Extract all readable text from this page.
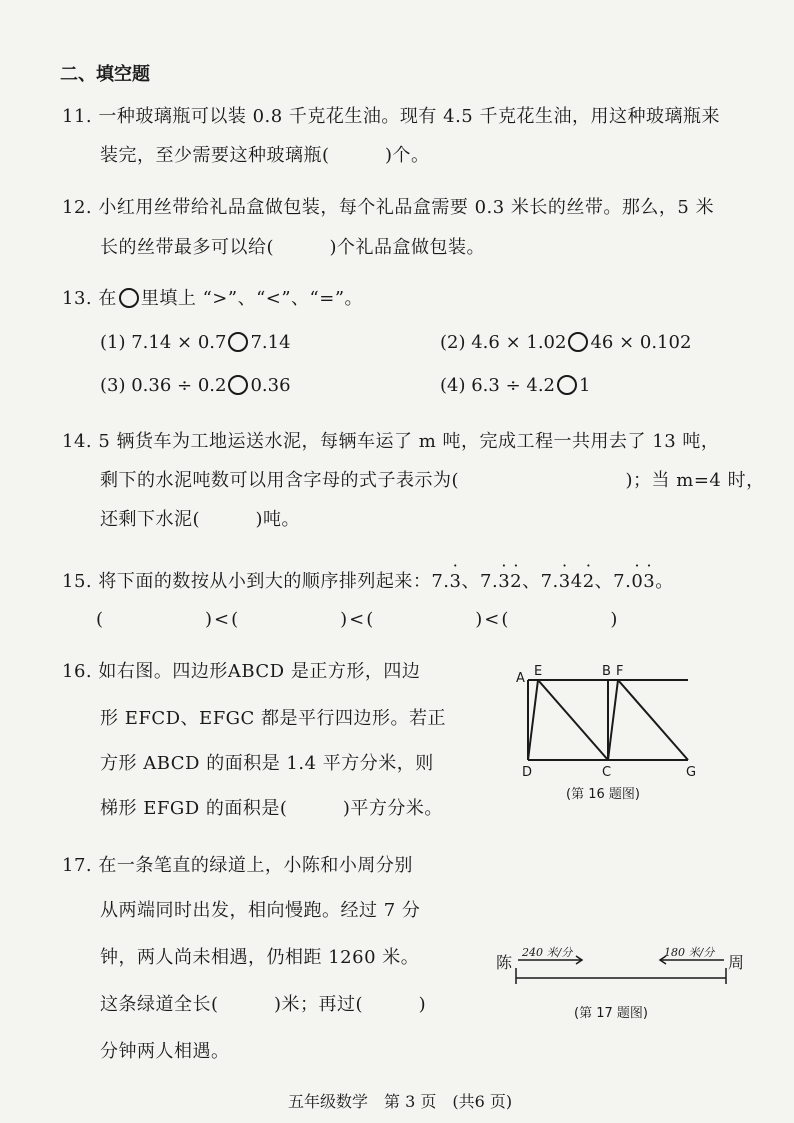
二、填空题
11. 一种玻璃瓶可以装 0.8 千克花生油。现有 4.5 千克花生油，用这种玻璃瓶来
装完，至少需要这种玻璃瓶(　　　)个。
12. 小红用丝带给礼品盒做包装，每个礼品盒需要 0.3 米长的丝带。那么，5 米
长的丝带最多可以给(　　　)个礼品盒做包装。
13. 在 里填上 “>”、“<”、“=”。
(1) 7.14 × 0.7 7.14	(2) 4.6 × 1.02 46 × 0.102
(3) 0.36 ÷ 0.2 0.36	(4) 6.3 ÷ 4.2 1
14. 5 辆货车为工地运送水泥，每辆车运了 m 吨，完成工程一共用去了 13 吨，
剩下的水泥吨数可以用含字母的式子表示为(　　　　　　　　　)；当 m=4 时，
还剩下水泥(　　　)吨。
15. 将下面的数按从小到大的顺序排列起来：7.· 3、7.· 3· 2、7.· 34· 2、7.· 0· 3。
(　　　　　)<(　　　　　)<(　　　　　)<(　　　　　)
16. 如右图。四边形ABCD 是正方形，四边
形 EFCD、EFGC 都是平行四边形。若正
方形 ABCD 的面积是 1.4 平方分米，则
梯形 EFGD 的面积是(　　　)平方分米。
A E	B F
D	C	G
(第 16 题图)
17. 在一条笔直的绿道上，小陈和小周分别
从两端同时出发，相向慢跑。经过 7 分
钟，两人尚未相遇，仍相距 1260 米。
这条绿道全长(　　　)米；再过(　　　)
分钟两人相遇。
陈
240 米/分
周
180 米/分
(第 17 题图)
五年级数学　第 3 页　(共6 页)
